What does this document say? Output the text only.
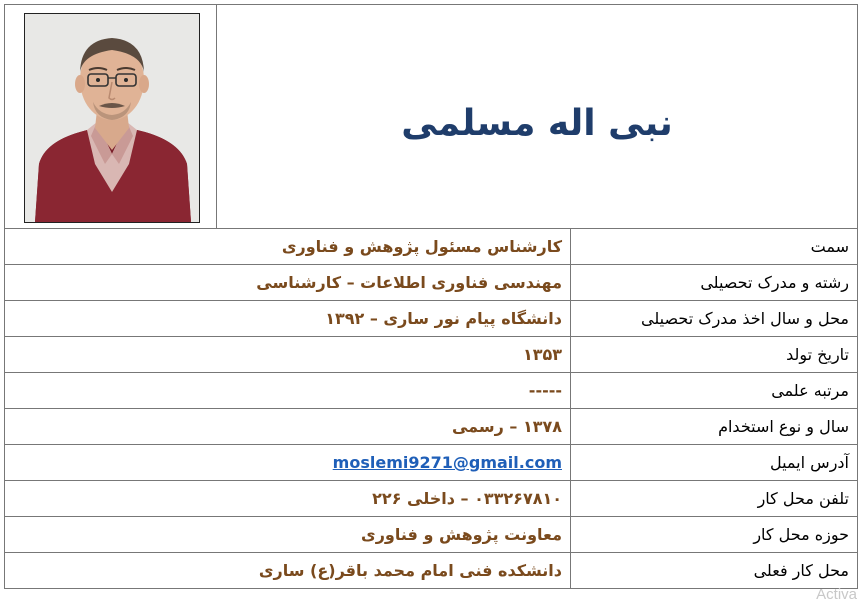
نبی اله مسلمی
کارشناس مسئول پژوهش و فناوری	سمت
مهندسی فناوری اطلاعات – کارشناسی	رشته و مدرک تحصیلی
دانشگاه پیام نور ساری – ۱۳۹۲	محل و سال اخذ مدرک تحصیلی
۱۳۵۳	تاریخ تولد
-----	مرتبه علمی
۱۳۷۸ – رسمی	سال و نوع استخدام
moslemi9271@gmail.com	آدرس ایمیل
۰۳۳۲۶۷۸۱۰ – داخلی ۲۲۶	تلفن محل کار
معاونت پژوهش و فناوری	حوزه محل کار
دانشکده فنی امام محمد باقر(ع) ساری	محل کار فعلی
Activa
